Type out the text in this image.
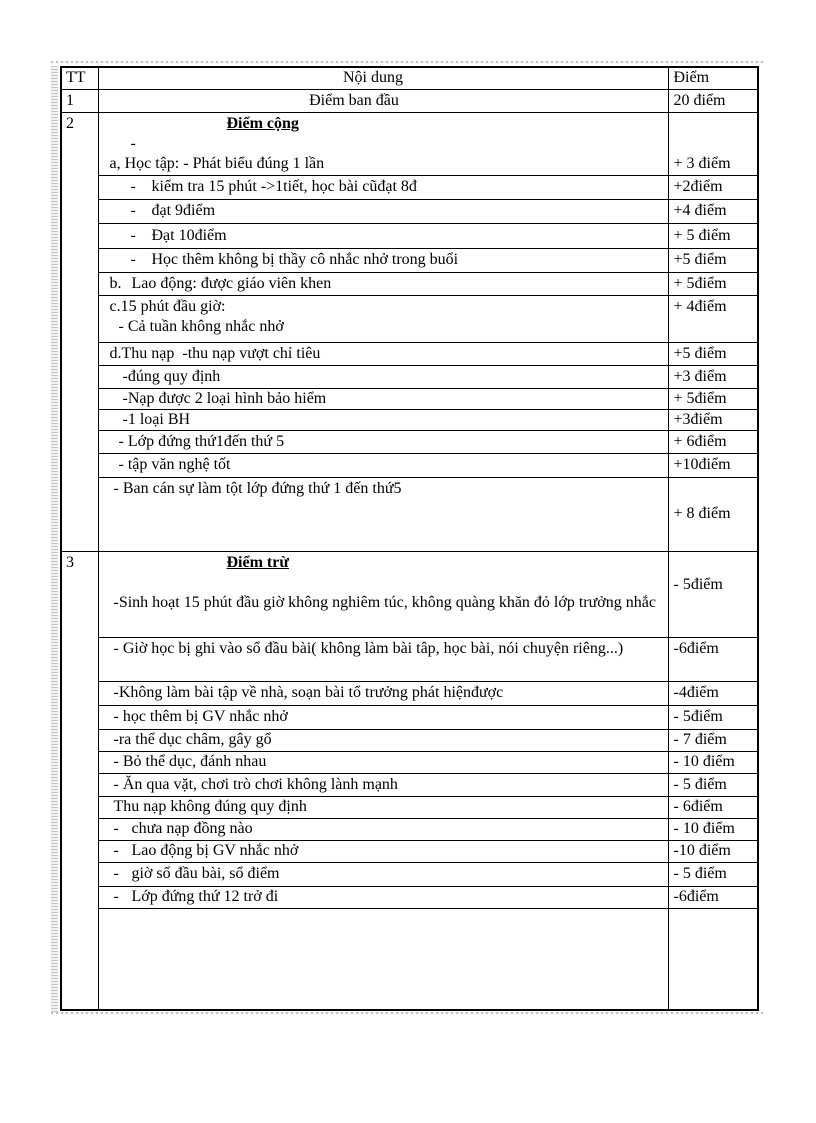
TT	Nội dung	Điểm
1	Điểm ban đầu	20 điểm
2	Điểm cộng
-
a, Học tập: - Phát biểu đúng 1 lần	+ 3 điểm

	- kiểm tra 15 phút ->1tiết, học bài cũđạt 8đ	+2điểm

	- đạt 9điểm	+4 điểm

	- Đạt 10điểm	+ 5 điểm

	- Học thêm không bị thầy cô nhắc nhở trong buổi	+5 điểm

	b. Lao động: được giáo viên khen	+ 5điểm

	c.15 phút đầu giờ:
- Cả tuần không nhắc nhở	+ 4điểm

	d.Thu nạp  -thu nạp vượt chỉ tiêu	+5 điểm

	-đúng quy định	+3 điểm

	-Nạp được 2 loại hình bảo hiểm	+ 5điểm

	-1 loại BH	+3điểm

	- Lớp đứng thứ1đến thứ 5	+ 6điểm

	- tập văn nghệ tốt	+10điểm

	- Ban cán sự làm tột lớp đứng thứ 1 đến thứ5	+ 8 điểm
3	Điểm trừ
-Sinh hoạt 15 phút đầu giờ không nghiêm túc, không quàng khăn đỏ lớp trưởng nhắc	- 5điểm

	- Giờ học bị ghi vào sổ đầu bài( không làm bài tâp, học bài, nói chuyện riêng...)	-6điểm

	-Không làm bài tập về nhà, soạn bài tổ trưởng phát hiệnđược	-4điểm

	- học thêm bị GV nhắc nhở	- 5điểm

	-ra thể dục châm, gây gổ	- 7 điểm

	- Bỏ thể dục, đánh nhau	- 10 điểm

	- Ăn qua vặt, chơi trò chơi không lành mạnh	- 5 điểm

	Thu nạp không đúng quy định	- 6điểm

	- chưa nạp đồng nào	- 10 điểm

	- Lao động bị GV nhắc nhở	-10 điểm

	- giờ sổ đầu bài, sổ điểm	- 5 điểm

	- Lớp đứng thứ 12 trở đi	-6điểm
